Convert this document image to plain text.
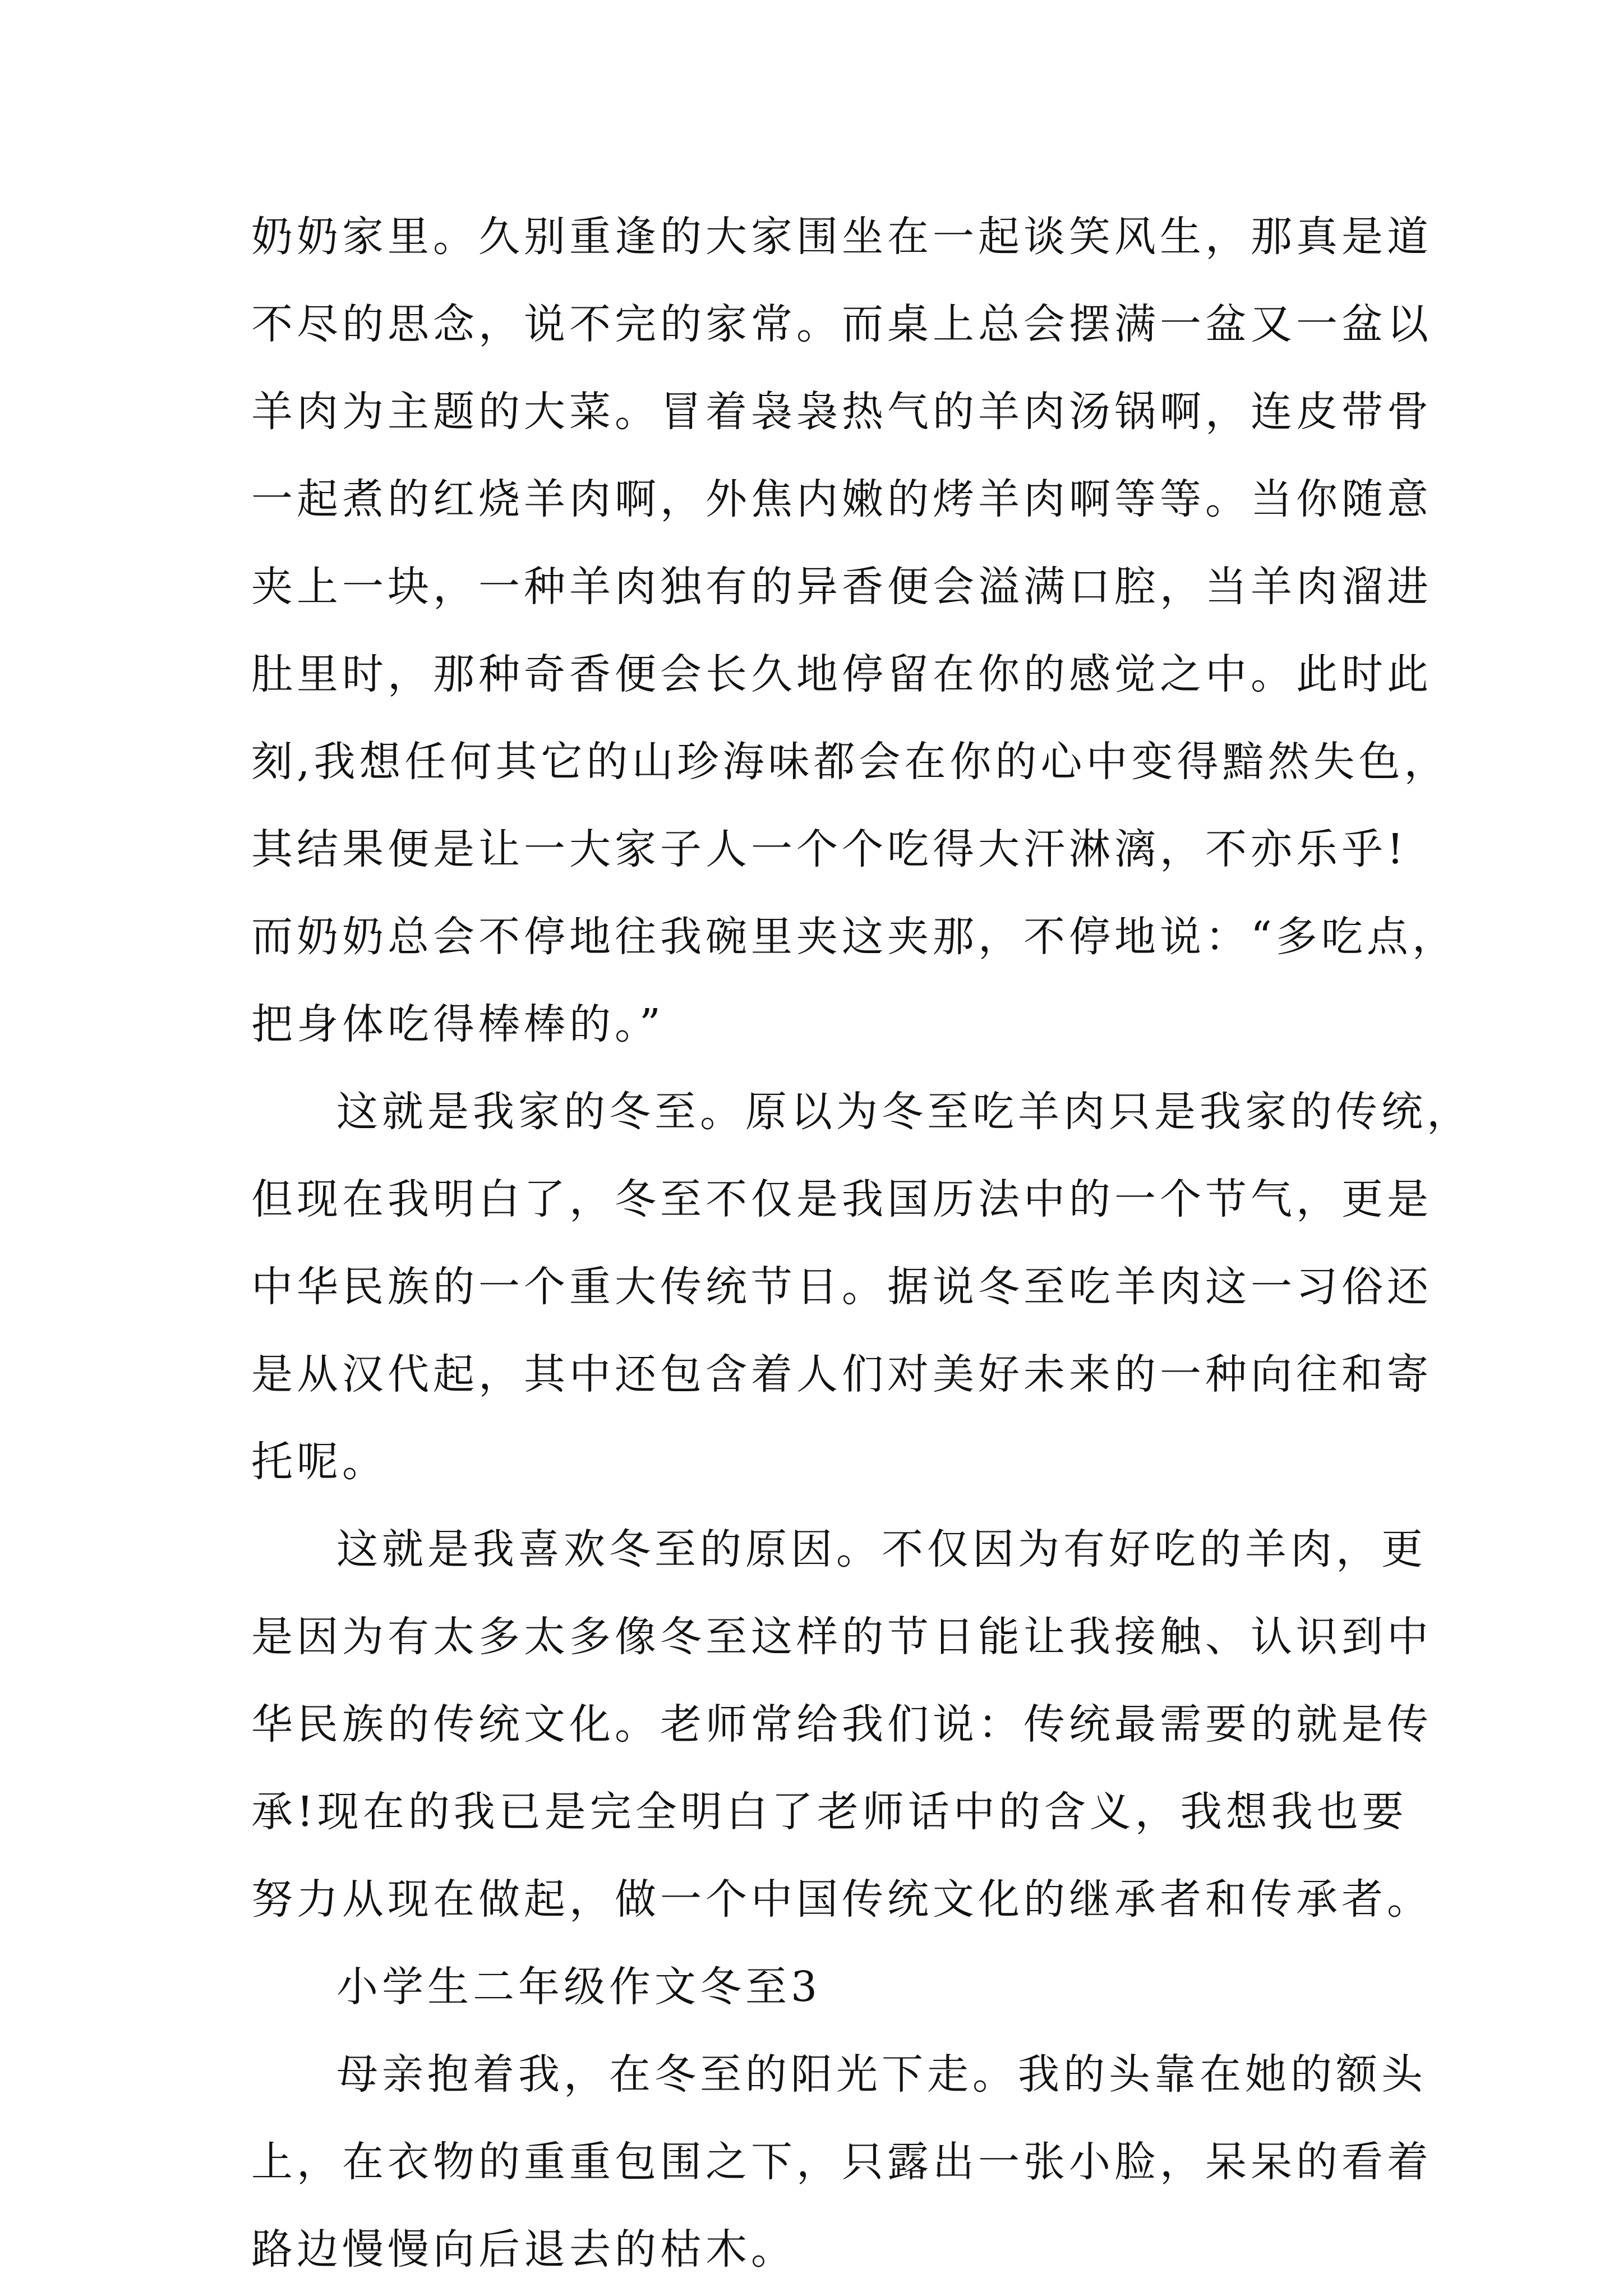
奶奶家里。久别重逢的大家围坐在一起谈笑风生，那真是道
不尽的思念，说不完的家常。而桌上总会摆满一盆又一盆以
羊肉为主题的大菜。冒着袅袅热气的羊肉汤锅啊，连皮带骨
一起煮的红烧羊肉啊，外焦内嫩的烤羊肉啊等等。当你随意
夹上一块，一种羊肉独有的异香便会溢满口腔，当羊肉溜进
肚里时，那种奇香便会长久地停留在你的感觉之中。此时此
刻,我想任何其它的山珍海味都会在你的心中变得黯然失色，
其结果便是让一大家子人一个个吃得大汗淋漓，不亦乐乎!
而奶奶总会不停地往我碗里夹这夹那，不停地说：“多吃点，
把身体吃得棒棒的。”
这就是我家的冬至。原以为冬至吃羊肉只是我家的传统，
但现在我明白了，冬至不仅是我国历法中的一个节气，更是
中华民族的一个重大传统节日。据说冬至吃羊肉这一习俗还
是从汉代起，其中还包含着人们对美好未来的一种向往和寄
托呢。
这就是我喜欢冬至的原因。不仅因为有好吃的羊肉，更
是因为有太多太多像冬至这样的节日能让我接触、认识到中
华民族的传统文化。老师常给我们说：传统最需要的就是传
承!现在的我已是完全明白了老师话中的含义，我想我也要
努力从现在做起，做一个中国传统文化的继承者和传承者。
小学生二年级作文冬至3
母亲抱着我，在冬至的阳光下走。我的头靠在她的额头
上，在衣物的重重包围之下，只露出一张小脸，呆呆的看着
路边慢慢向后退去的枯木。
